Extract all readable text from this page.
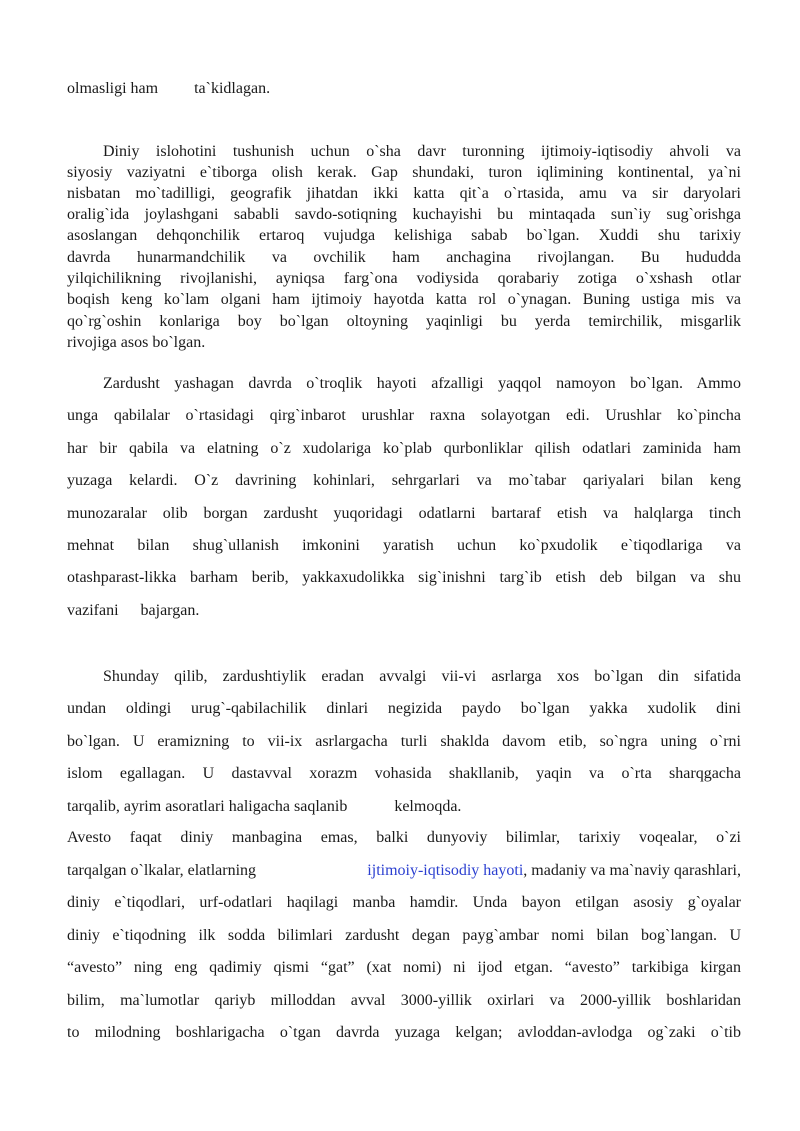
olmasligi ham ta`kidlagan.
Diniy islohotini tushunish uchun o`sha davr turonning ijtimoiy-iqtisodiy ahvoli va
siyosiy vaziyatni e`tiborga olish kerak. Gap shundaki, turon iqlimining kontinental, ya`ni
nisbatan mo`tadilligi, geografik jihatdan ikki katta qit`a o`rtasida, amu va sir daryolari
oralig`ida joylashgani sababli savdo-sotiqning kuchayishi bu mintaqada sun`iy sug`orishga
asoslangan dehqonchilik ertaroq vujudga kelishiga sabab bo`lgan. Xuddi shu tarixiy
davrda hunarmandchilik va ovchilik ham anchagina rivojlangan. Bu hududda
yilqichilikning rivojlanishi, ayniqsa farg`ona vodiysida qorabariy zotiga o`xshash otlar
boqish keng ko`lam olgani ham ijtimoiy hayotda katta rol o`ynagan. Buning ustiga mis va
qo`rg`oshin konlariga boy bo`lgan oltoyning yaqinligi bu yerda temirchilik, misgarlik
rivojiga asos bo`lgan.
Zardusht yashagan davrda o`troqlik hayoti afzalligi yaqqol namoyon bo`lgan. Ammo
unga qabilalar o`rtasidagi qirg`inbarot urushlar raxna solayotgan edi. Urushlar ko`pincha
har bir qabila va elatning o`z xudolariga ko`plab qurbonliklar qilish odatlari zaminida ham
yuzaga kelardi. O`z davrining kohinlari, sehrgarlari va mo`tabar qariyalari bilan keng
munozaralar olib borgan zardusht yuqoridagi odatlarni bartaraf etish va halqlarga tinch
mehnat bilan shug`ullanish imkonini yaratish uchun ko`pxudolik e`tiqodlariga va
otashparast-likka barham berib, yakkaxudolikka sig`inishni targ`ib etish deb bilgan va shu
vazifani bajargan.
Shunday qilib, zardushtiylik eradan avvalgi vii-vi asrlarga xos bo`lgan din sifatida
undan oldingi urug`-qabilachilik dinlari negizida paydo bo`lgan yakka xudolik dini
bo`lgan. U eramizning to vii-ix asrlargacha turli shaklda davom etib, so`ngra uning o`rni
islom egallagan. U dastavval xorazm vohasida shakllanib, yaqin va o`rta sharqgacha
tarqalib, ayrim asoratlari haligacha saqlanib	kelmoqda.
Avesto faqat diniy manbagina emas, balki dunyoviy bilimlar, tarixiy voqealar, o`zi
tarqalgan o`lkalar, elatlarning	ijtimoiy-iqtisodiy hayoti, madaniy va ma`naviy qarashlari,
diniy e`tiqodlari, urf-odatlari haqilagi manba hamdir. Unda bayon etilgan asosiy g`oyalar
diniy e`tiqodning ilk sodda bilimlari zardusht degan payg`ambar nomi bilan bog`langan. U
“avesto” ning eng qadimiy qismi “gat” (xat nomi) ni ijod etgan. “avesto” tarkibiga kirgan
bilim, ma`lumotlar qariyb milloddan avval 3000-yillik oxirlari va 2000-yillik boshlaridan
to milodning boshlarigacha o`tgan davrda yuzaga kelgan; avloddan-avlodga og`zaki o`tib
